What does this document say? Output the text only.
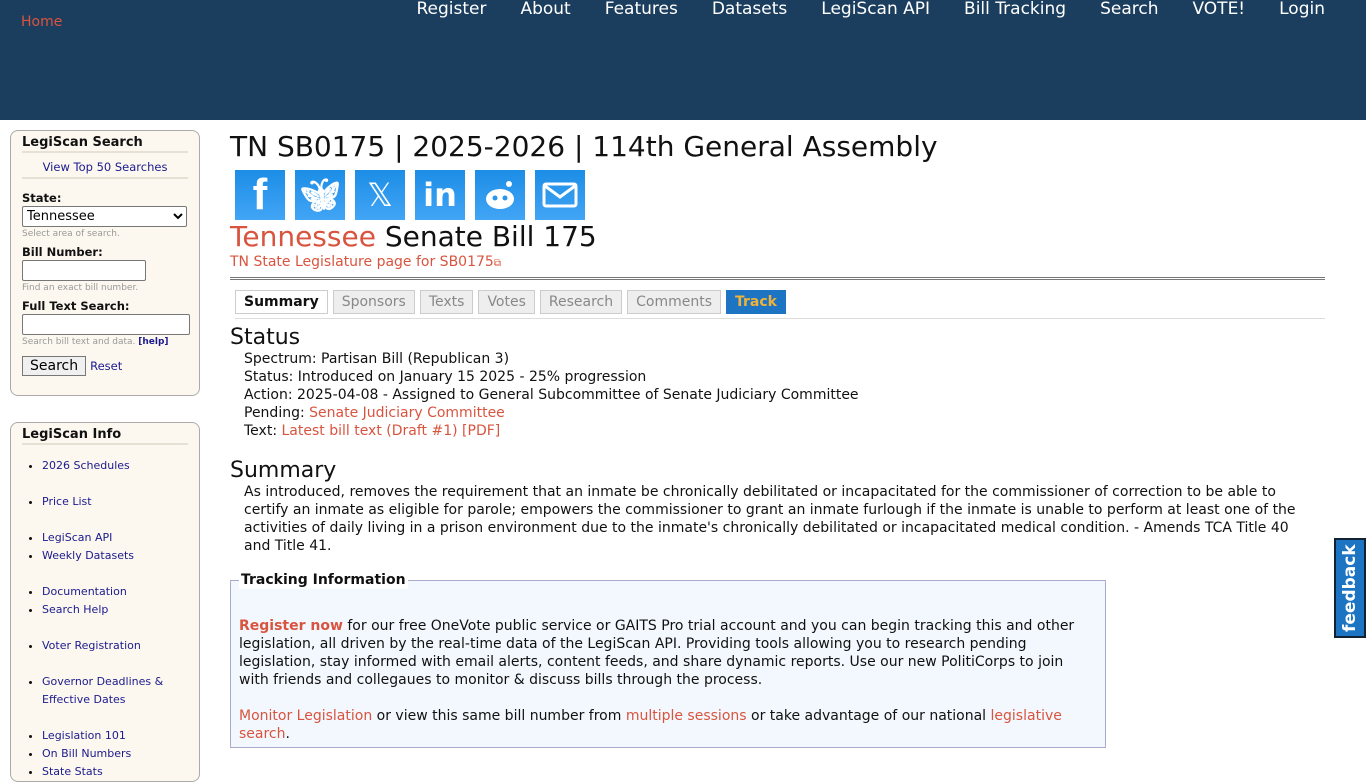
Home
Register	About	Features	Datasets	LegiScan API	Bill Tracking	Search	VOTE!	Login
LegiScan Search
View Top 50 Searches
State:
Tennessee
Select area of search.
Bill Number:
Find an exact bill number.
Full Text Search:
Search bill text and data. [help]
Search	Reset
LegiScan Info
• 2026 Schedules
• Price List
• LegiScan API
• Weekly Datasets
• Documentation
• Search Help
• Voter Registration
• Governor Deadlines & Effective Dates
• Legislation 101
• On Bill Numbers
• State Stats
TN SB0175 | 2025-2026 | 114th General Assembly
f	🦋︎ 𝕏 in
Tennessee Senate Bill 175
TN State Legislature page for SB0175⧉
Summary	Sponsors	Texts	Votes	Research	Comments	Track
Status
Spectrum: Partisan Bill (Republican 3)
Status: Introduced on January 15 2025 - 25% progression
Action: 2025-04-08 - Assigned to General Subcommittee of Senate Judiciary Committee
Pending: Senate Judiciary Committee
Text: Latest bill text (Draft #1) [PDF]
Summary
As introduced, removes the requirement that an inmate be chronically debilitated or incapacitated for the commissioner of correction to be able to certify an inmate as eligible for parole; empowers the commissioner to grant an inmate furlough if the inmate is unable to perform at least one of the activities of daily living in a prison environment due to the inmate's chronically debilitated or incapacitated medical condition. - Amends TCA Title 40 and Title 41.
Tracking Information

Register now for our free OneVote public service or GAITS Pro trial account and you can begin tracking this and other legislation, all driven by the real-time data of the LegiScan API. Providing tools allowing you to research pending legislation, stay informed with email alerts, content feeds, and share dynamic reports. Use our new PolitiCorps to join with friends and collegaues to monitor & discuss bills through the process.

Monitor Legislation or view this same bill number from multiple sessions or take advantage of our national legislative search.

feedback
